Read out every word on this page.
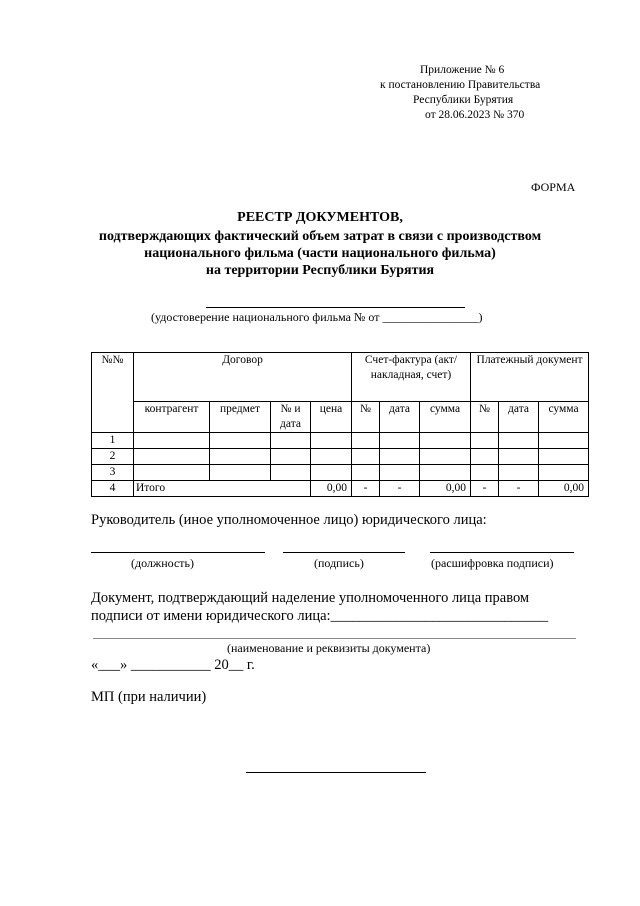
Приложение № 6
к постановлению Правительства
Республики Бурятия
от 28.06.2023 № 370
ФОРМА
РЕЕСТР ДОКУМЕНТОВ,
подтверждающих фактический объем затрат в связи с производством
национального фильма (части национального фильма)
на территории Республики Бурятия
(удостоверение национального фильма № от ________________)
№№	Договор				Счет-фактура (акт/накладная, счет)			Платежный документ		
	контрагент	предмет	№ и дата	цена	№	дата	сумма	№	дата	сумма
1										
2										
3										
4	Итого			0,00	-	-	0,00	-	-	0,00
Руководитель (иное уполномоченное лицо) юридического лица:
(должность)	(подпись)	(расшифровка подписи)
Документ, подтверждающий наделение уполномоченного лица правом
подписи от имени юридического лица:______________________________
(наименование и реквизиты документа)
«___» ___________ 20__ г.
МП (при наличии)
